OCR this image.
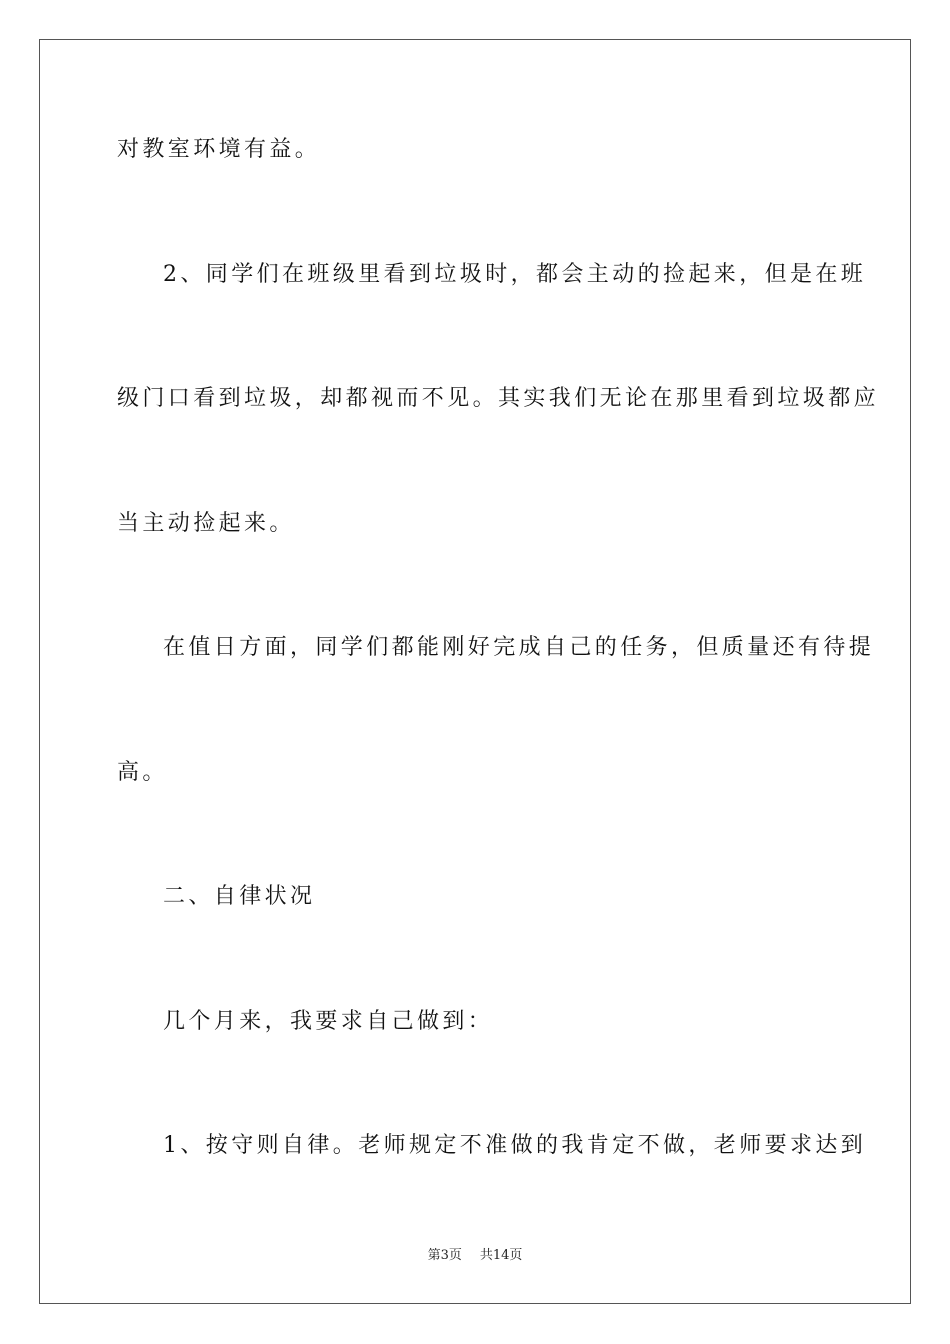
对教室环境有益。
2、同学们在班级里看到垃圾时，都会主动的捡起来，但是在班
级门口看到垃圾，却都视而不见。其实我们无论在那里看到垃圾都应
当主动捡起来。
在值日方面，同学们都能刚好完成自己的任务，但质量还有待提
高。
二、自律状况
几个月来，我要求自己做到：
1、按守则自律。老师规定不准做的我肯定不做，老师要求达到
第3页 共14页
